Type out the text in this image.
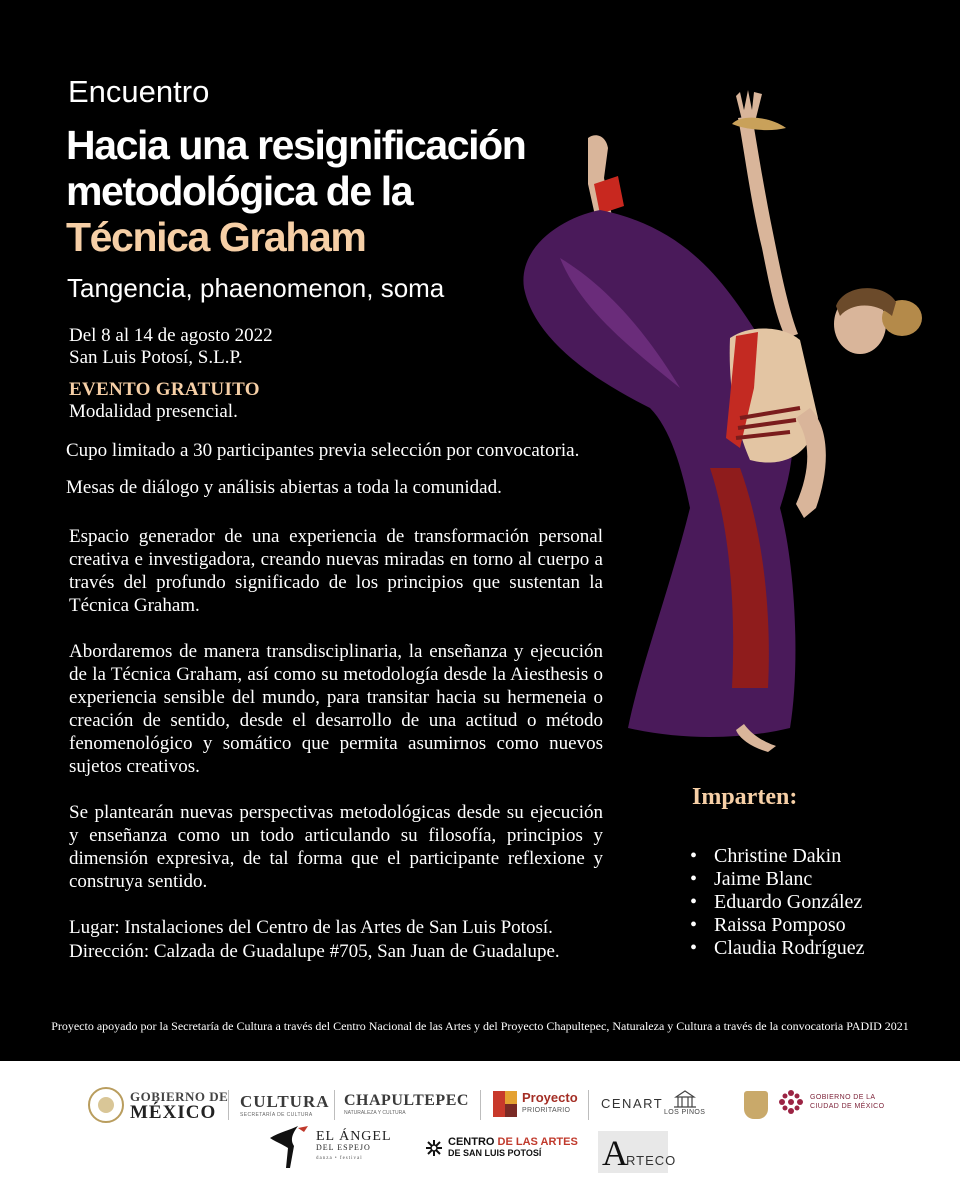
Encuentro
Hacia una resignificación
metodológica de la
Técnica Graham
Tangencia, phaenomenon, soma
Del 8 al 14 de agosto 2022
San Luis Potosí, S.L.P.
EVENTO GRATUITO
Modalidad presencial.
Cupo limitado a 30 participantes previa selección por convocatoria.
Mesas de diálogo y análisis abiertas a toda la comunidad.

Espacio generador de una experiencia de transformación personal creativa e investigadora, creando nuevas miradas en torno al cuerpo a través del profundo significado de los principios que sustentan la Técnica Graham.

Abordaremos de manera transdisciplinaria, la enseñanza y ejecución de la Técnica Graham, así como su metodología desde la Aiesthesis o experiencia sensible del mundo, para transitar hacia su hermeneia o creación de sentido, desde el desarrollo de una actitud o método fenomenológico y somático que permita asumirnos como nuevos sujetos creativos.

Se plantearán nuevas perspectivas metodológicas desde su ejecución y enseñanza como un todo articulando su filosofía, principios y dimensión expresiva, de tal forma que el participante reflexione y construya sentido.

Lugar: Instalaciones del Centro de las Artes de San Luis Potosí.
Dirección: Calzada de Guadalupe #705, San Juan de Guadalupe.
Imparten:
• Christine Dakin
• Jaime Blanc
• Eduardo González
• Raissa Pomposo
• Claudia Rodríguez
Proyecto apoyado por la Secretaría de Cultura a través del Centro Nacional de las Artes y del Proyecto Chapultepec, Naturaleza y Cultura a través de la convocatoria PADID 2021
GOBIERNO DE
MÉXICO
CULTURA
SECRETARÍA DE CULTURA
CHAPULTEPEC
NATURALEZA Y CULTURA
Proyecto
PRIORITARIO	CENART
LOS PINOS
GOBIERNO DE LA
CIUDAD DE MÉXICO
EL ÁNGEL
DEL ESPEJO
danza • festival
CENTRO DE LAS ARTES
DE SAN LUIS POTOSÍ	A
RTECO
